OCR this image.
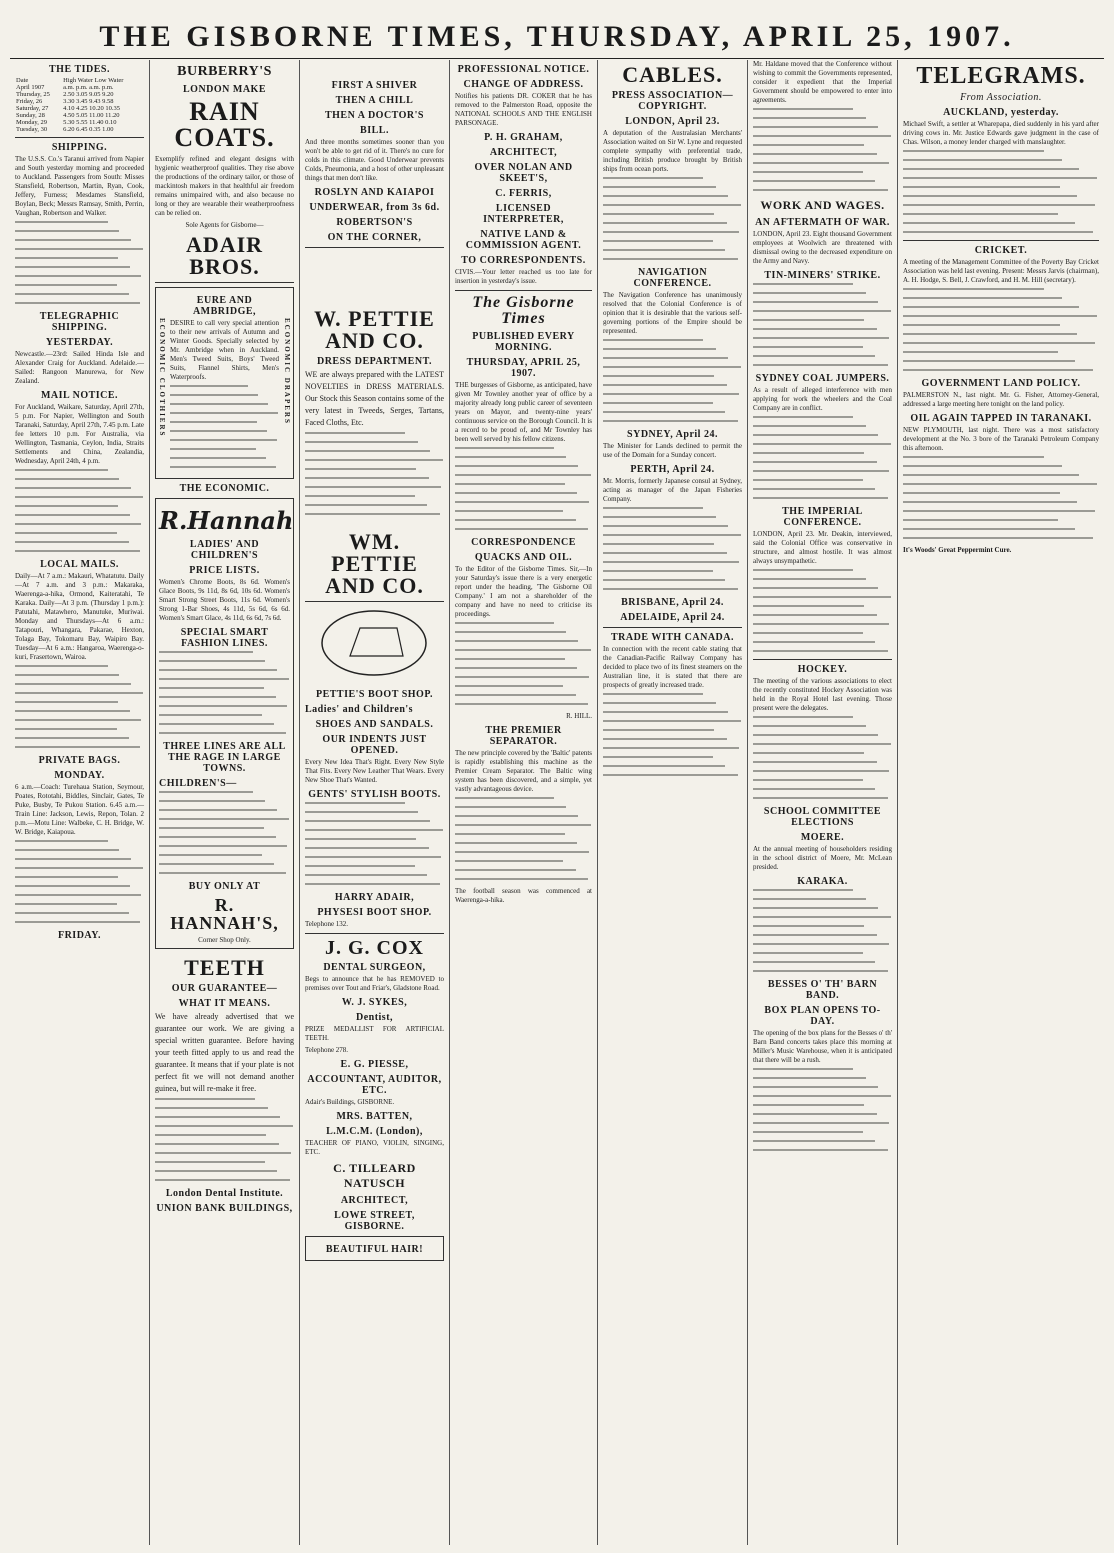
THE GISBORNE TIMES, THURSDAY, APRIL 25, 1907.
THE TIDES.
Date	High Water Low Water
April 1907	a.m. p.m. a.m. p.m.
Thursday, 25	2.50 3.05 9.05 9.20
Friday, 26	3.30 3.45 9.43 9.58
Saturday, 27	4.10 4.25 10.20 10.35
Sunday, 28	4.50 5.05 11.00 11.20
Monday, 29	5.30 5.55 11.40 0.10
Tuesday, 30	6.20 6.45 0.35 1.00
SHIPPING.

The U.S.S. Co.'s Taranui arrived from Napier and South yesterday morning and proceeded to Auckland. Passengers from South: Misses Stansfield, Robertson, Martin, Ryan, Cook, Jeffery, Furness; Mesdames Stansfield, Boylan, Beck; Messrs Ramsay, Smith, Perrin, Vaughan, Robertson and Walker.

TELEGRAPHIC SHIPPING.
YESTERDAY.

Newcastle.—23rd: Sailed Hinda Isle and Alexander Craig for Auckland. Adelaide.—Sailed: Rangoon Manurewa, for New Zealand.

MAIL NOTICE.

For Auckland, Waikare, Saturday, April 27th, 5 p.m. For Napier, Wellington and South Taranaki, Saturday, April 27th, 7.45 p.m. Late fee letters 10 p.m. For Australia, via Wellington, Tasmania, Ceylon, India, Straits Settlements and China, Zealandia, Wednesday, April 24th, 4 p.m.

LOCAL MAILS.

Daily—At 7 a.m.: Makauri, Whatatutu. Daily—At 7 a.m. and 3 p.m.: Makaraka, Waerenga-a-hika, Ormond, Kaiteratahi, Te Karaka. Daily—At 3 p.m. (Thursday 1 p.m.): Patutahi, Matawhero, Manutuke, Muriwai. Monday and Thursdays—At 6 a.m.: Tatapouri, Whangara, Pakarae, Hexton, Tolaga Bay, Tokomaru Bay, Waipiro Bay. Tuesday—At 6 a.m.: Hangaroa, Waerenga-o-kuri, Frasertown, Wairoa.

PRIVATE BAGS.
MONDAY.

6 a.m.—Coach: Turehaua Station, Seymour, Poates, Rototahi, Biddles, Sinclair, Gates, Te Puke, Busby, Te Pukou Station. 6.45 a.m.—Train Line: Jackson, Lewis, Repon, Tolan. 2 p.m.—Motu Line: Walbeke, C. H. Bridge, W. W. Bridge, Kaiapoua.

FRIDAY.
BURBERRY'S
LONDON MAKE
RAIN COATS.

Exemplify refined and elegant designs with hygienic weatherproof qualities. They rise above the productions of the ordinary tailor, or those of mackintosh makers in that healthful air freedom remains unimpaired with, and also because no long or they are wearable their weatherproofness can be relied on.

Sole Agents for Gisborne—

ADAIR BROS.
ECONOMIC CLOTHIERS	ECONOMIC DRAPERS
EURE AND AMBRIDGE,

DESIRE to call very special attention to their new arrivals of Autumn and Winter Goods. Specially selected by Mr. Ambridge when in Auckland. Men's Tweed Suits, Boys' Tweed Suits, Flannel Shirts, Men's Waterproofs.

THE ECONOMIC.
R.Hannah
LADIES' AND CHILDREN'S
PRICE LISTS.

Women's Chrome Boots, 8s 6d. Women's Glace Boots, 9s 11d, 8s 6d, 10s 6d. Women's Smart Strong Street Boots, 11s 6d. Women's Strong 1-Bar Shoes, 4s 11d, 5s 6d, 6s 6d. Women's Smart Glace, 4s 11d, 6s 6d, 7s 6d.

SPECIAL SMART FASHION LINES.
THREE LINES ARE ALL THE RAGE IN LARGE TOWNS.
CHILDREN'S—
BUY ONLY AT
R. HANNAH'S,

Corner Shop Only.

TEETH
OUR GUARANTEE—
WHAT IT MEANS.

We have already advertised that we guarantee our work. We are giving a special written guarantee. Before having your teeth fitted apply to us and read the guarantee. It means that if your plate is not perfect fit we will not demand another guinea, but will re-make it free.

London Dental Institute.
UNION BANK BUILDINGS,
FIRST A SHIVER
THEN A CHILL
THEN A DOCTOR'S
BILL.

And three months sometimes sooner than you won't be able to get rid of it. There's no cure for colds in this climate. Good Underwear prevents Colds, Pneumonia, and a host of other unpleasant things that men don't like.

ROSLYN AND KAIAPOI
UNDERWEAR, from 3s 6d.
ROBERTSON'S
ON THE CORNER,
W. PETTIE AND CO.
DRESS DEPARTMENT.

WE are always prepared with the LATEST NOVELTIES in DRESS MATERIALS. Our Stock this Season contains some of the very latest in Tweeds, Serges, Tartans, Faced Cloths, Etc.

WM. PETTIE AND CO.
PETTIE'S BOOT SHOP.
Ladies' and Children's
SHOES AND SANDALS.
OUR INDENTS JUST OPENED.

Every New Idea That's Right. Every New Style That Fits. Every New Leather That Wears. Every New Shoe That's Wanted.

GENTS' STYLISH BOOTS.
HARRY ADAIR,
PHYSESI BOOT SHOP.

Telephone 132.

J. G. COX
DENTAL SURGEON,

Begs to announce that he has REMOVED to premises over Tout and Friar's, Gladstone Road.

W. J. SYKES,
Dentist,

PRIZE MEDALLIST FOR ARTIFICIAL TEETH.

Telephone 278.

E. G. PIESSE,
ACCOUNTANT, AUDITOR, ETC.

Adair's Buildings, GISBORNE.

MRS. BATTEN,
L.M.C.M. (London),

TEACHER OF PIANO, VIOLIN, SINGING, ETC.

C. TILLEARD NATUSCH
ARCHITECT,
LOWE STREET, GISBORNE.
BEAUTIFUL HAIR!
PROFESSIONAL NOTICE.
CHANGE OF ADDRESS.

Notifies his patients DR. COKER that he has removed to the Palmerston Road, opposite the NATIONAL SCHOOLS AND THE ENGLISH PARSONAGE.

P. H. GRAHAM,
ARCHITECT,
OVER NOLAN AND SKEET'S,
C. FERRIS,
LICENSED INTERPRETER,
NATIVE LAND & COMMISSION AGENT.
TO CORRESPONDENTS.

CIVIS.—Your letter reached us too late for insertion in yesterday's issue.

The Gisborne Times
PUBLISHED EVERY MORNING.
THURSDAY, APRIL 25, 1907.

THE burgesses of Gisborne, as anticipated, have given Mr Townley another year of office by a majority already long public career of seventeen years on Mayor, and twenty-nine years' continuous service on the Borough Council. It is a record to be proud of, and Mr Townley has been well served by his fellow citizens.

CORRESPONDENCE
QUACKS AND OIL.

To the Editor of the Gisborne Times. Sir,—In your Saturday's issue there is a very energetic report under the heading, 'The Gisborne Oil Company.' I am not a shareholder of the company and have no need to criticise its proceedings.

R. HILL.

THE PREMIER SEPARATOR.

The new principle covered by the 'Baltic' patents is rapidly establishing this machine as the Premier Cream Separator. The Baltic wing system has been discovered, and a simple, yet vastly advantageous device.

The football season was commenced at Waerenga-a-hika.

CABLES.
PRESS ASSOCIATION—COPYRIGHT.
LONDON, April 23.

A deputation of the Australasian Merchants' Association waited on Sir W. Lyne and requested complete sympathy with preferential trade, including British produce brought by British ships from ocean ports.

NAVIGATION CONFERENCE.

The Navigation Conference has unanimously resolved that the Colonial Conference is of opinion that it is desirable that the various self-governing portions of the Empire should be represented.

SYDNEY, April 24.

The Minister for Lands declined to permit the use of the Domain for a Sunday concert.

PERTH, April 24.

Mr. Morris, formerly Japanese consul at Sydney, acting as manager of the Japan Fisheries Company.

BRISBANE, April 24.
ADELAIDE, April 24.
TRADE WITH CANADA.

In connection with the recent cable stating that the Canadian-Pacific Railway Company has decided to place two of its finest steamers on the Australian line, it is stated that there are prospects of greatly increased trade.

Mr. Haldane moved that the Conference without wishing to commit the Governments represented, consider it expedient that the Imperial Government should be empowered to enter into agreements.

WORK AND WAGES.
AN AFTERMATH OF WAR.

LONDON, April 23. Eight thousand Government employees at Woolwich are threatened with dismissal owing to the decreased expenditure on the Army and Navy.

TIN-MINERS' STRIKE.
SYDNEY COAL JUMPERS.

As a result of alleged interference with men applying for work the wheelers and the Coal Company are in conflict.

THE IMPERIAL CONFERENCE.

LONDON, April 23. Mr. Deakin, interviewed, said the Colonial Office was conservative in structure, and almost hostile. It was almost always unsympathetic.

HOCKEY.

The meeting of the various associations to elect the recently constituted Hockey Association was held in the Royal Hotel last evening. Those present were the delegates.

SCHOOL COMMITTEE ELECTIONS
MOERE.

At the annual meeting of householders residing in the school district of Moere, Mr. McLean presided.

KARAKA.
BESSES O' TH' BARN BAND.
BOX PLAN OPENS TO-DAY.

The opening of the box plans for the Besses o' th' Barn Band concerts takes place this morning at Miller's Music Warehouse, when it is anticipated that there will be a rush.

TELEGRAMS.
From Association.
AUCKLAND, yesterday.

Michael Swift, a settler at Wharepapa, died suddenly in his yard after driving cows in. Mr. Justice Edwards gave judgment in the case of Chas. Wilson, a money lender charged with manslaughter.

CRICKET.

A meeting of the Management Committee of the Poverty Bay Cricket Association was held last evening. Present: Messrs Jarvis (chairman), A. H. Hodge, S. Bell, J. Crawford, and H. M. Hill (secretary).

GOVERNMENT LAND POLICY.

PALMERSTON N., last night. Mr. G. Fisher, Attorney-General, addressed a large meeting here tonight on the land policy.

OIL AGAIN TAPPED IN TARANAKI.

NEW PLYMOUTH, last night. There was a most satisfactory development at the No. 3 bore of the Taranaki Petroleum Company this afternoon.

It's Woods' Great Peppermint Cure.
